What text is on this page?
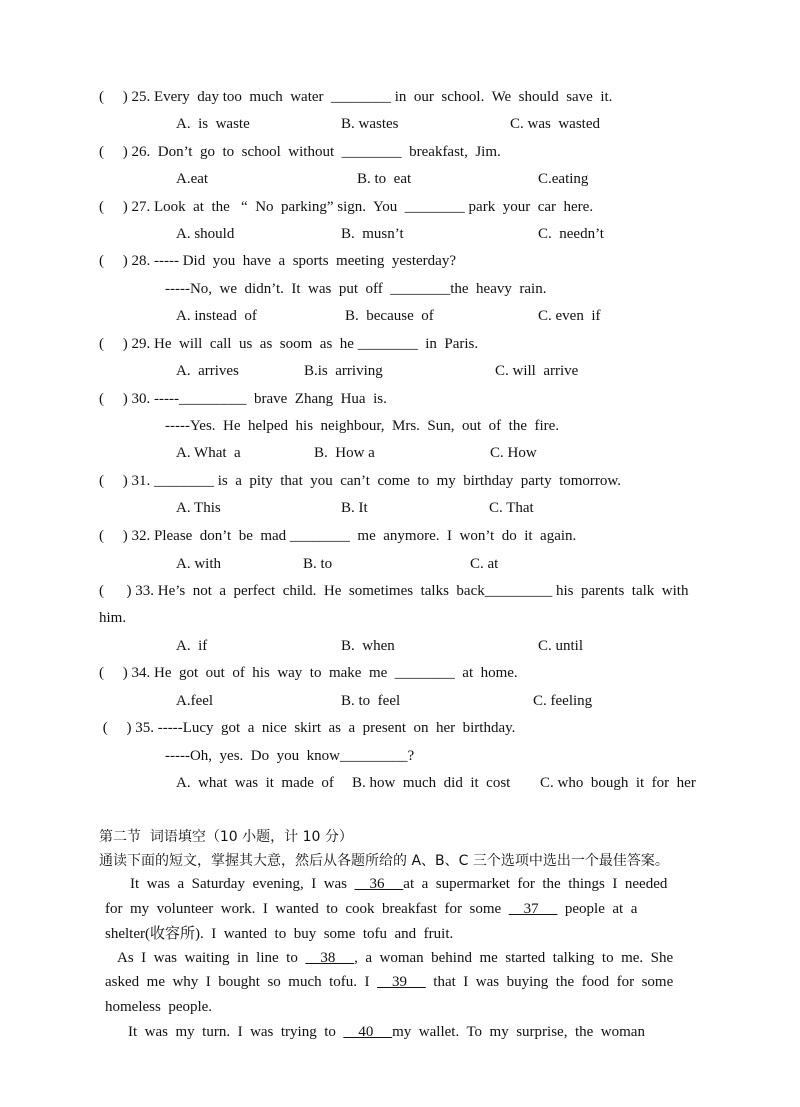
(     ) 25. Every  day too  much  water  ________ in  our  school.  We  should  save  it.
A.  is  waste	B. wastes	C. was  wasted
(     ) 26.  Don’t  go  to  school  without  ________  breakfast,  Jim.
A.eat	B. to  eat	C.eating
(     ) 27. Look  at  the   “  No  parking” sign.  You  ________ park  your  car  here.
A. should	B.  musn’t	C.  needn’t
(     ) 28. ----- Did  you  have  a  sports  meeting  yesterday?
-----No,  we  didn’t.  It  was  put  off  ________the  heavy  rain.
A. instead  of	B.  because  of	C. even  if
(     ) 29. He  will  call  us  as  soom  as  he ________  in  Paris.
A.  arrives	B.is  arriving	C. will  arrive
(     ) 30. -----_________  brave  Zhang  Hua  is.
-----Yes.  He  helped  his  neighbour,  Mrs.  Sun,  out  of  the  fire.
A. What  a	B.  How a	C. How
(     ) 31. ________ is  a  pity  that  you  can’t  come  to  my  birthday  party  tomorrow.
A. This	B. It	C. That
(     ) 32. Please  don’t  be  mad ________  me  anymore.  I  won’t  do  it  again.
A. with	B. to	C. at
(      ) 33. He’s  not  a  perfect  child.  He  sometimes  talks  back_________ his  parents  talk  with
him.
A.  if	B.  when	C. until
(     ) 34. He  got  out  of  his  way  to  make  me  ________  at  home.
A.feel	B. to  feel	C. feeling
(     ) 35. -----Lucy  got  a  nice  skirt  as  a  present  on  her  birthday.
-----Oh,  yes.  Do  you  know_________?
A.  what  was  it  made  of B. how  much  did  it  cost C. who  bough  it  for  her
第二节  词语填空（10 小题，计 10 分）
通读下面的短文，掌握其大意，然后从各题所给的 A、B、C 三个选项中选出一个最佳答案。
It  was  a  Saturday  evening,  I  was      36     at  a  supermarket  for  the  things  I  needed
for  my  volunteer  work.  I  wanted  to  cook  breakfast  for  some      37       people  at  a
shelter(收容所).  I  wanted  to  buy  some  tofu  and  fruit.
As  I  was  waiting  in  line  to      38     ,  a  woman  behind  me  started  talking  to  me.  She
asked  me  why  I  bought  so  much  tofu.  I      39       that  I  was  buying  the  food  for  some
homeless  people.
It  was  my  turn.  I  was  trying  to      40     my  wallet.  To  my  surprise,  the  woman
